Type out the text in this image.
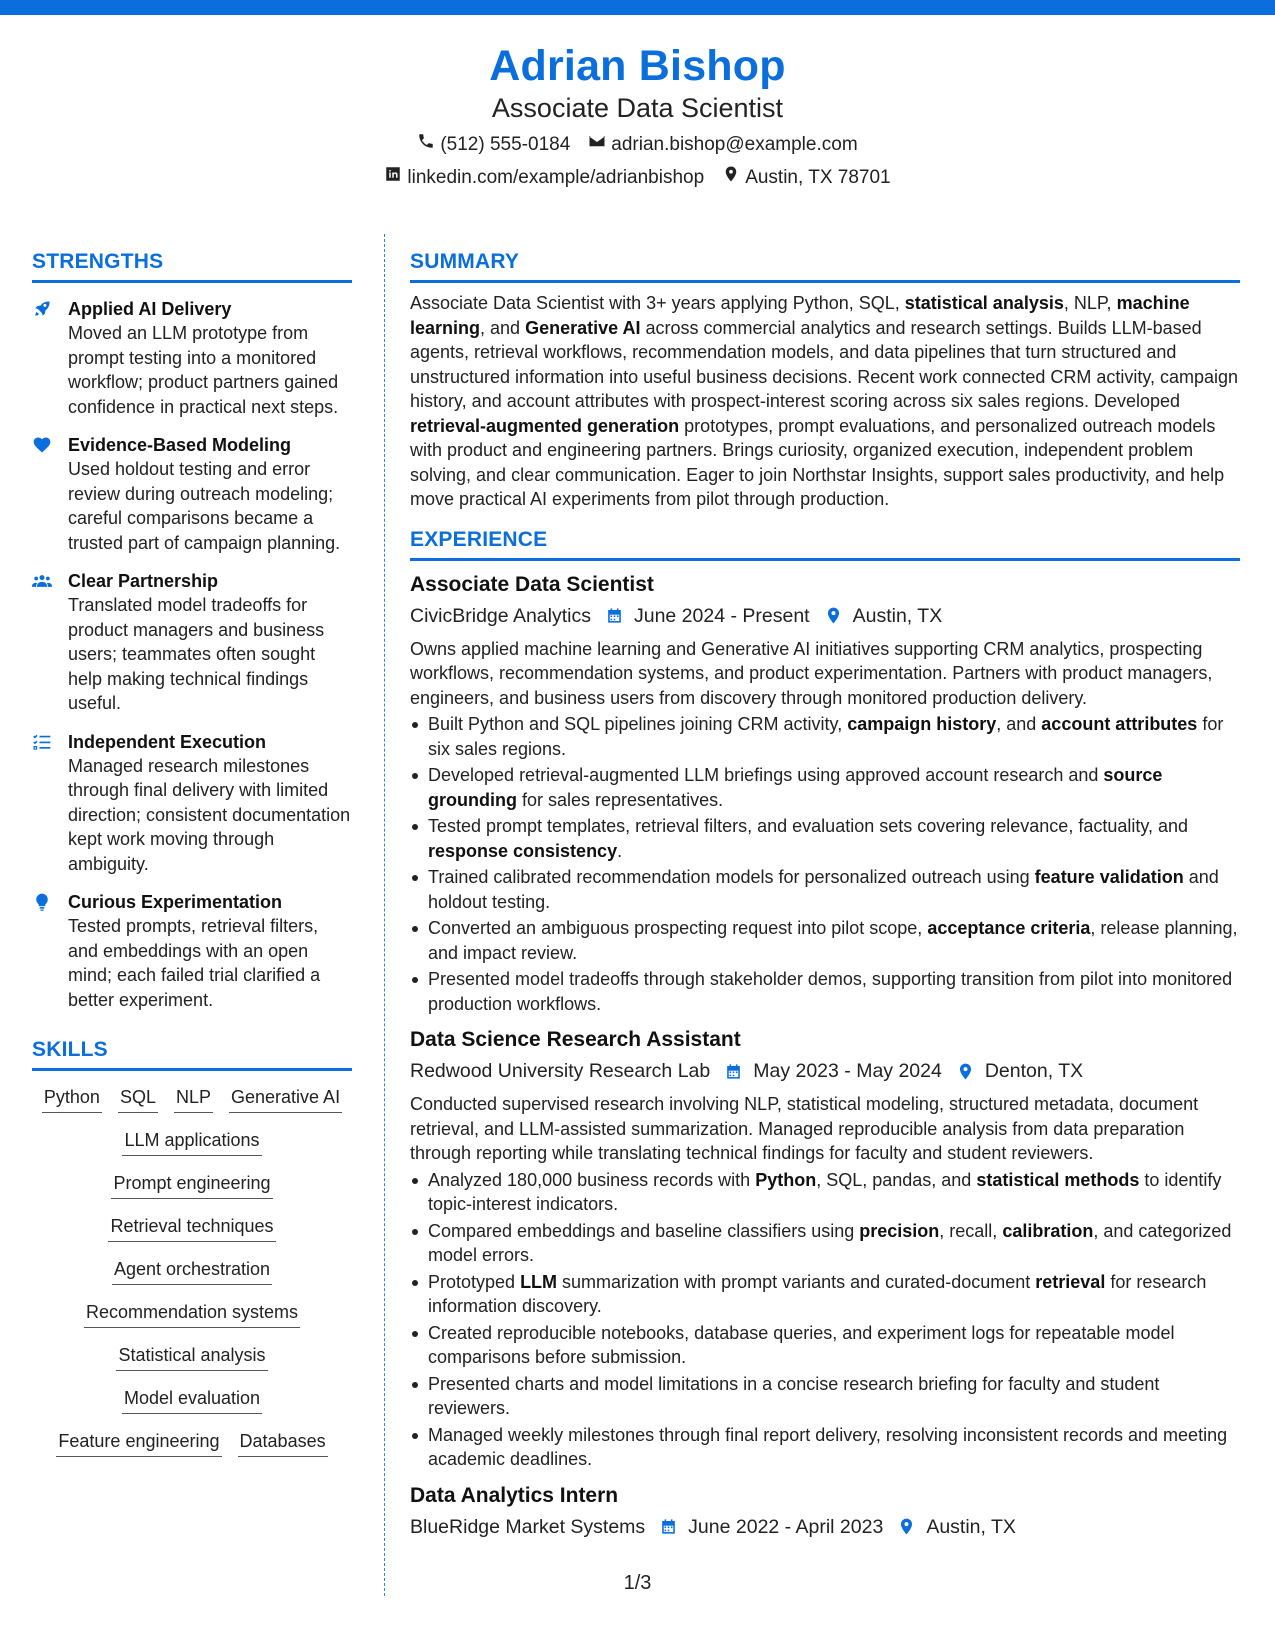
Adrian Bishop
Associate Data Scientist
(512) 555-0184 adrian.bishop@example.com
linkedin.com/example/adrianbishop Austin, TX 78701
STRENGTHS
Applied AI Delivery
Moved an LLM prototype from prompt testing into a monitored workflow; product partners gained confidence in practical next steps.
Evidence-Based Modeling
Used holdout testing and error review during outreach modeling; careful comparisons became a trusted part of campaign planning.
Clear Partnership
Translated model tradeoffs for product managers and business users; teammates often sought help making technical findings useful.
Independent Execution
Managed research milestones through final delivery with limited direction; consistent documentation kept work moving through ambiguity.
Curious Experimentation
Tested prompts, retrieval filters, and embeddings with an open mind; each failed trial clarified a better experiment.
SKILLS
Python SQL NLP Generative AI
LLM applications
Prompt engineering
Retrieval techniques
Agent orchestration
Recommendation systems
Statistical analysis
Model evaluation
Feature engineering Databases
SUMMARY
Associate Data Scientist with 3+ years applying Python, SQL, statistical analysis, NLP, machine learning, and Generative AI across commercial analytics and research settings. Builds LLM-based agents, retrieval workflows, recommendation models, and data pipelines that turn structured and unstructured information into useful business decisions. Recent work connected CRM activity, campaign history, and account attributes with prospect-interest scoring across six sales regions. Developed retrieval-augmented generation prototypes, prompt evaluations, and personalized outreach models with product and engineering partners. Brings curiosity, organized execution, independent problem solving, and clear communication. Eager to join Northstar Insights, support sales productivity, and help move practical AI experiments from pilot through production.
EXPERIENCE
Associate Data Scientist
CivicBridge Analytics June 2024 - Present Austin, TX
Owns applied machine learning and Generative AI initiatives supporting CRM analytics, prospecting workflows, recommendation systems, and product experimentation. Partners with product managers, engineers, and business users from discovery through monitored production delivery.
Built Python and SQL pipelines joining CRM activity, campaign history, and account attributes for six sales regions.
Developed retrieval-augmented LLM briefings using approved account research and source grounding for sales representatives.
Tested prompt templates, retrieval filters, and evaluation sets covering relevance, factuality, and response consistency.
Trained calibrated recommendation models for personalized outreach using feature validation and holdout testing.
Converted an ambiguous prospecting request into pilot scope, acceptance criteria, release planning, and impact review.
Presented model tradeoffs through stakeholder demos, supporting transition from pilot into monitored production workflows.
Data Science Research Assistant
Redwood University Research Lab May 2023 - May 2024 Denton, TX
Conducted supervised research involving NLP, statistical modeling, structured metadata, document retrieval, and LLM-assisted summarization. Managed reproducible analysis from data preparation through reporting while translating technical findings for faculty and student reviewers.
Analyzed 180,000 business records with Python, SQL, pandas, and statistical methods to identify topic-interest indicators.
Compared embeddings and baseline classifiers using precision, recall, calibration, and categorized model errors.
Prototyped LLM summarization with prompt variants and curated-document retrieval for research information discovery.
Created reproducible notebooks, database queries, and experiment logs for repeatable model comparisons before submission.
Presented charts and model limitations in a concise research briefing for faculty and student reviewers.
Managed weekly milestones through final report delivery, resolving inconsistent records and meeting academic deadlines.
Data Analytics Intern
BlueRidge Market Systems June 2022 - April 2023 Austin, TX
1/3
